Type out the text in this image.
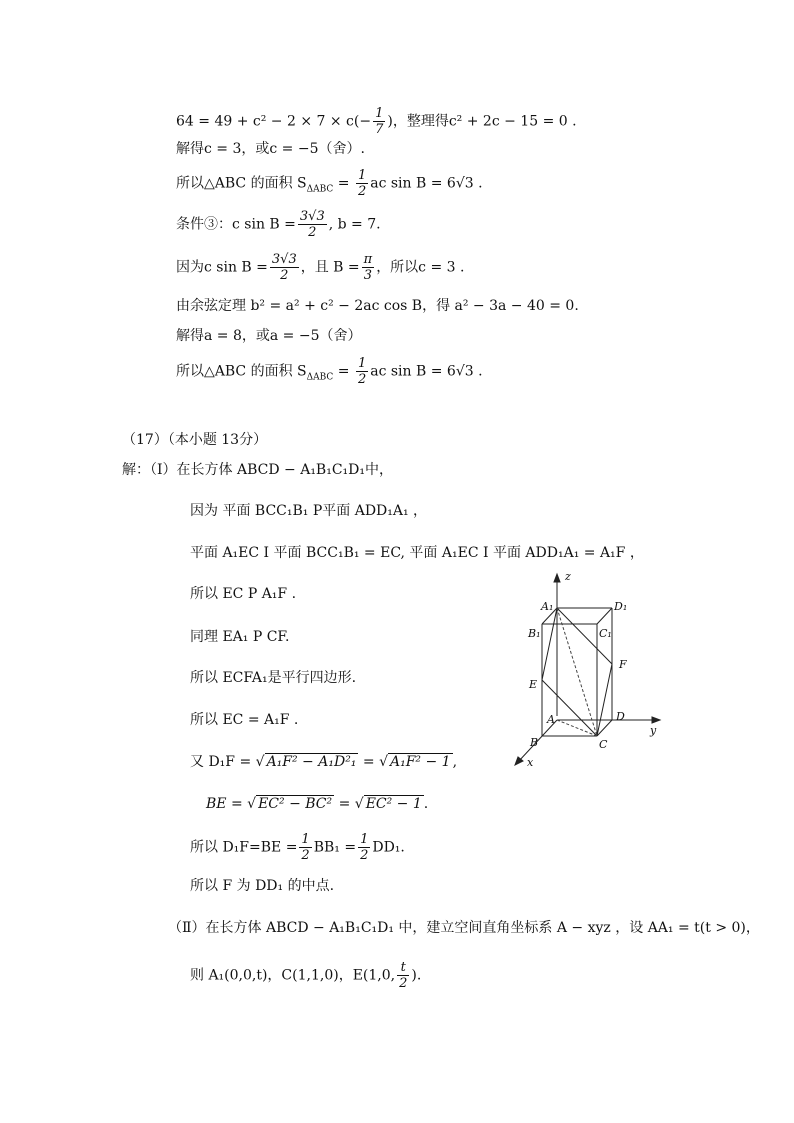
$64 = 49 + c^2 - 2 \times 7 \times c(- \frac{1}{7}$ )，整理得c² + 2c − 15 = 0 .
解得c = 3，或c = −5（舍）.
所以△ABC 的面积 $S_{\Delta ABC} = \frac{1}{2}$ ac sin B = 6√3 .
条件③：c $\sin B = \frac{3√3}{2}$ , b = 7.
因为c $\sin B = \frac{3√3}{2}$ ，且 $B = \frac{\pi}{3}$ ，所以c = 3 .
由余弦定理 b² = a² + c² − 2ac cos B，得 a² − 3a − 40 = 0.
解得a = 8，或a = −5（舍）
所以△ABC 的面积 $S_{\Delta ABC} = \frac{1}{2}$ ac sin B = 6√3 .
（17）（本小题 13分）
解：（Ⅰ）在长方体 ABCD − A₁B₁C₁D₁中，
因为 平面 BCC₁B₁ P平面 ADD₁A₁ ，
平面 A₁EC I 平面 BCC₁B₁ = EC, 平面 A₁EC I 平面 ADD₁A₁ = A₁F ，
所以 EC P A₁F .
同理 EA₁ P CF.
所以 ECFA₁是平行四边形.
所以 EC = A₁F .
又 D₁F = √ A₁F² − A₁D²₁ = √ A₁F² − 1 ,
BE = √ EC² − BC² = √ EC² − 1 .
所以 $D_1F=BE = \frac{1}{2} BB_1 = \frac{1}{2} DD_1$.
所以 F 为 DD₁ 的中点.
（Ⅱ）在长方体 ABCD − A₁B₁C₁D₁ 中，建立空间直角坐标系 A − xyz ，设 AA₁ = t(t > 0)，
则 A₁(0,0,t)，C(1,1,0)，E(1,0, $\frac{t}{2}$ ).
z
y
x
A₁	D₁
B₁	C₁
F
E
A	D
B	C
